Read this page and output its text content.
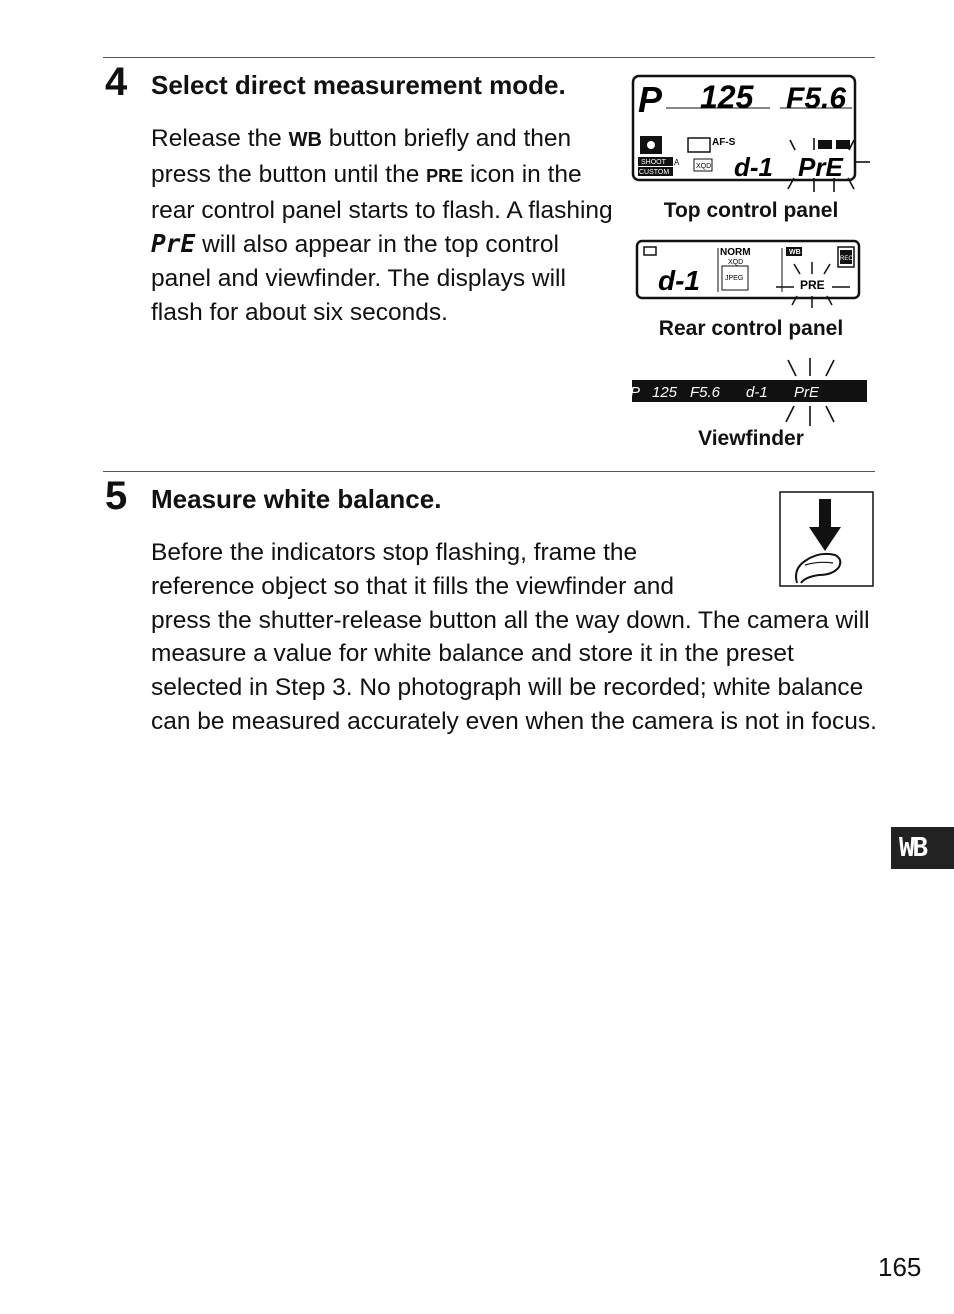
4 Select direct measurement mode.

Release the WB button briefly and then press the button until the PRE icon in the rear control panel starts to flash. A flashing PrE will also appear in the top control panel and viewfinder. The displays will flash for about six seconds.

P 125 F5.6
AF-S
SHOOT
CUSTOM
A XQD d-1 PrE
Top control panel
NORM
XQD
JPEG
WB
REC
d-1	PRE
Rear control panel
P 125 F5.6 d-1 PrE
Viewfinder
5 Measure white balance.

Before the indicators stop flashing, frame the reference object so that it fills the viewfinder and press the shutter-release button all the way down. The camera will measure a value for white balance and store it in the preset selected in Step 3. No photograph will be recorded; white balance can be measured accurately even when the camera is not in focus.

WB
165
